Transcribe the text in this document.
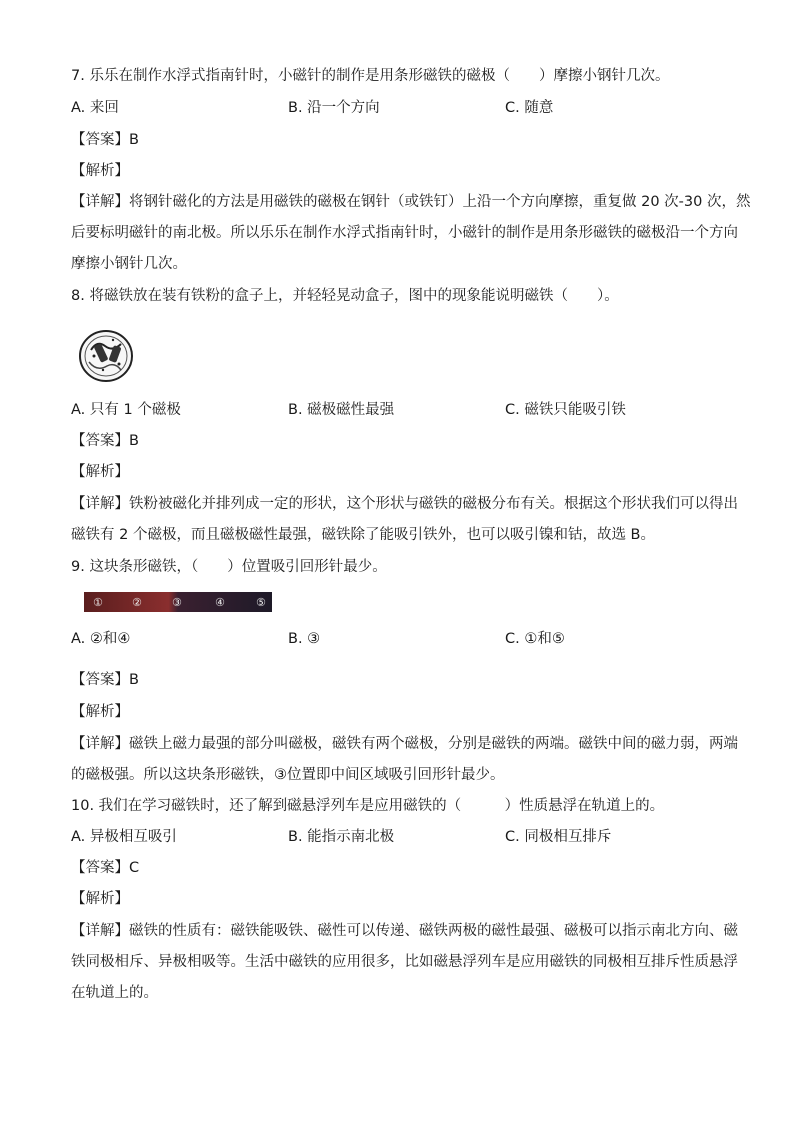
7. 乐乐在制作水浮式指南针时，小磁针的制作是用条形磁铁的磁极（　　）摩擦小钢针几次。
A. 来回	B. 沿一个方向	C. 随意
【答案】B
【解析】
【详解】将钢针磁化的方法是用磁铁的磁极在钢针（或铁钉）上沿一个方向摩擦，重复做 20 次-30 次，然
后要标明磁针的南北极。所以乐乐在制作水浮式指南针时，小磁针的制作是用条形磁铁的磁极沿一个方向
摩擦小钢针几次。
8. 将磁铁放在装有铁粉的盒子上，并轻轻晃动盒子，图中的现象能说明磁铁（　　）。
A. 只有 1 个磁极	B. 磁极磁性最强	C. 磁铁只能吸引铁
【答案】B
【解析】
【详解】铁粉被磁化并排列成一定的形状，这个形状与磁铁的磁极分布有关。根据这个形状我们可以得出
磁铁有 2 个磁极，而且磁极磁性最强，磁铁除了能吸引铁外，也可以吸引镍和钴，故选 B。
9. 这块条形磁铁，（　　）位置吸引回形针最少。
①	②	③	④	⑤
A. ②和④	B. ③	C. ①和⑤
【答案】B
【解析】
【详解】磁铁上磁力最强的部分叫磁极，磁铁有两个磁极，分别是磁铁的两端。磁铁中间的磁力弱，两端
的磁极强。所以这块条形磁铁，③位置即中间区域吸引回形针最少。
10. 我们在学习磁铁时，还了解到磁悬浮列车是应用磁铁的（　　　）性质悬浮在轨道上的。
A. 异极相互吸引	B. 能指示南北极	C. 同极相互排斥
【答案】C
【解析】
【详解】磁铁的性质有：磁铁能吸铁、磁性可以传递、磁铁两极的磁性最强、磁极可以指示南北方向、磁
铁同极相斥、异极相吸等。生活中磁铁的应用很多，比如磁悬浮列车是应用磁铁的同极相互排斥性质悬浮
在轨道上的。
